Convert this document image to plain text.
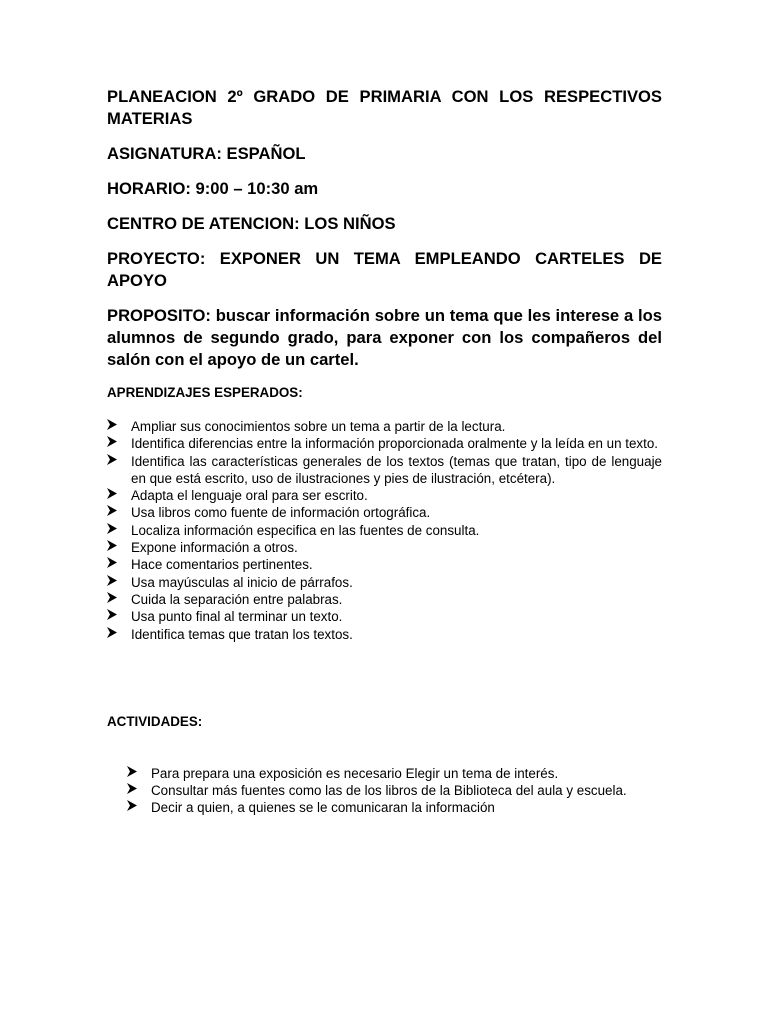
PLANEACION 2º GRADO DE PRIMARIA CON LOS RESPECTIVOS MATERIAS
ASIGNATURA: ESPAÑOL
HORARIO: 9:00 – 10:30 am
CENTRO DE ATENCION: LOS NIÑOS
PROYECTO: EXPONER UN TEMA EMPLEANDO CARTELES DE APOYO
PROPOSITO: buscar información sobre un tema que les interese a los alumnos de segundo grado, para exponer con los compañeros del salón con el apoyo de un cartel.
APRENDIZAJES ESPERADOS:
Ampliar sus conocimientos sobre un tema a partir de la lectura.
Identifica diferencias entre la información proporcionada oralmente y la leída en un texto.
Identifica las características generales de los textos (temas que tratan, tipo de lenguaje en que está escrito, uso de ilustraciones y pies de ilustración, etcétera).
Adapta el lenguaje oral para ser escrito.
Usa libros como fuente de información ortográfica.
Localiza información especifica en las fuentes de consulta.
Expone información a otros.
Hace comentarios pertinentes.
Usa mayúsculas al inicio de párrafos.
Cuida la separación entre palabras.
Usa punto final al terminar un texto.
Identifica temas que tratan los textos.
ACTIVIDADES:
Para prepara una exposición es necesario Elegir un tema de interés.
Consultar más fuentes como las de los libros de la Biblioteca del aula y escuela.
Decir a quien, a quienes se le comunicaran la información
